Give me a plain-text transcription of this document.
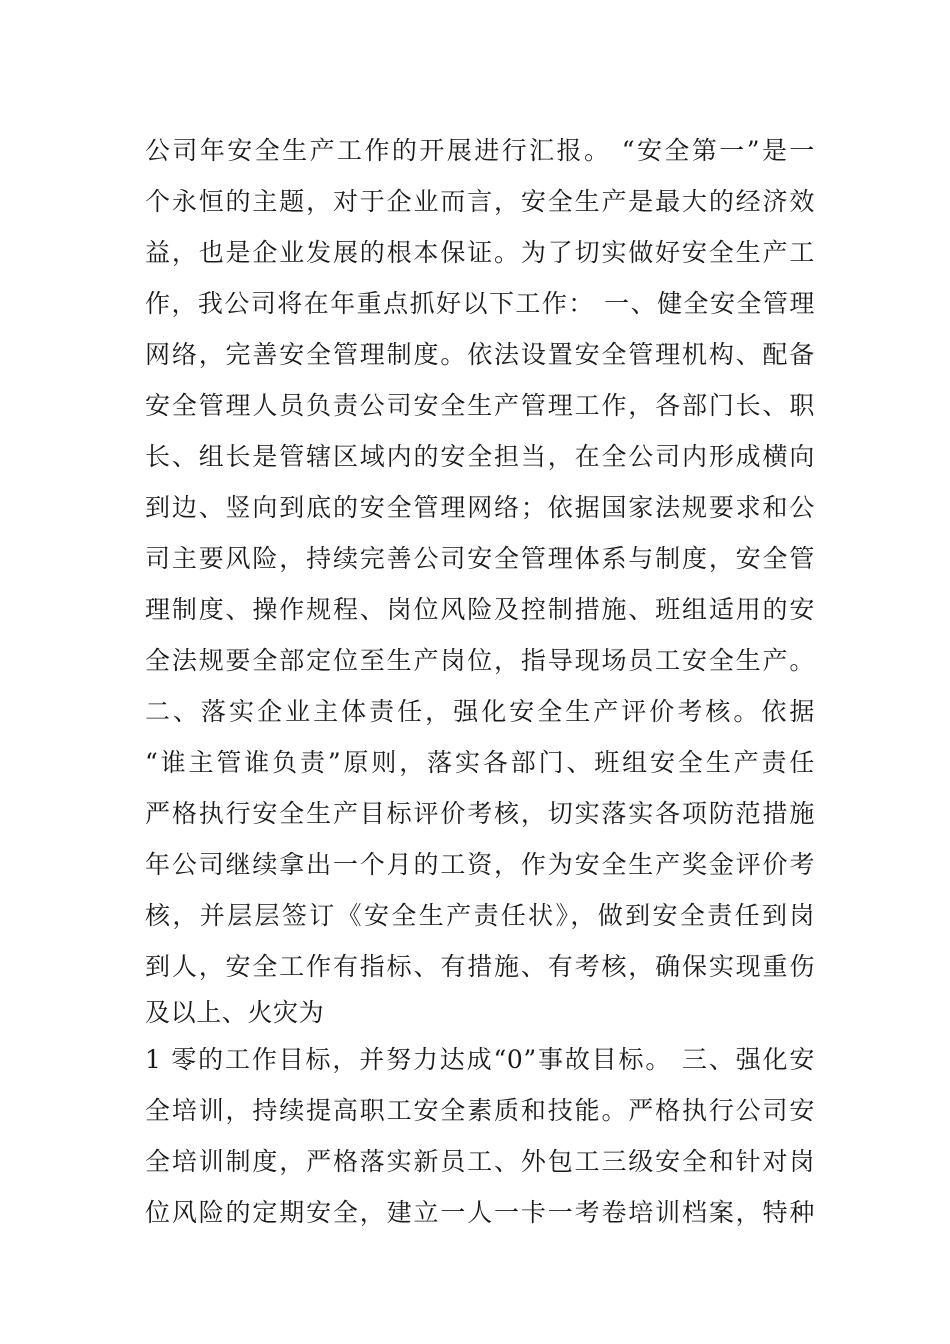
公司年安全生产工作的开展进行汇报。 “安全第一”是一
个永恒的主题，对于企业而言，安全生产是最大的经济效
益，也是企业发展的根本保证。为了切实做好安全生产工
作，我公司将在年重点抓好以下工作： 一、健全安全管理
网络，完善安全管理制度。依法设置安全管理机构、配备
安全管理人员负责公司安全生产管理工作，各部门长、职
长、组长是管辖区域内的安全担当，在全公司内形成横向
到边、竖向到底的安全管理网络；依据国家法规要求和公
司主要风险，持续完善公司安全管理体系与制度，安全管
理制度、操作规程、岗位风险及控制措施、班组适用的安
全法规要全部定位至生产岗位，指导现场员工安全生产。
二、落实企业主体责任，强化安全生产评价考核。依据
“谁主管谁负责”原则，落实各部门、班组安全生产责任
严格执行安全生产目标评价考核，切实落实各项防范措施
年公司继续拿出一个月的工资，作为安全生产奖金评价考
核，并层层签订《安全生产责任状》，做到安全责任到岗
到人，安全工作有指标、有措施、有考核，确保实现重伤
及以上、火灾为
1 零的工作目标，并努力达成“0”事故目标。 三、强化安
全培训，持续提高职工安全素质和技能。严格执行公司安
全培训制度，严格落实新员工、外包工三级安全和针对岗
位风险的定期安全，建立一人一卡一考卷培训档案，特种
